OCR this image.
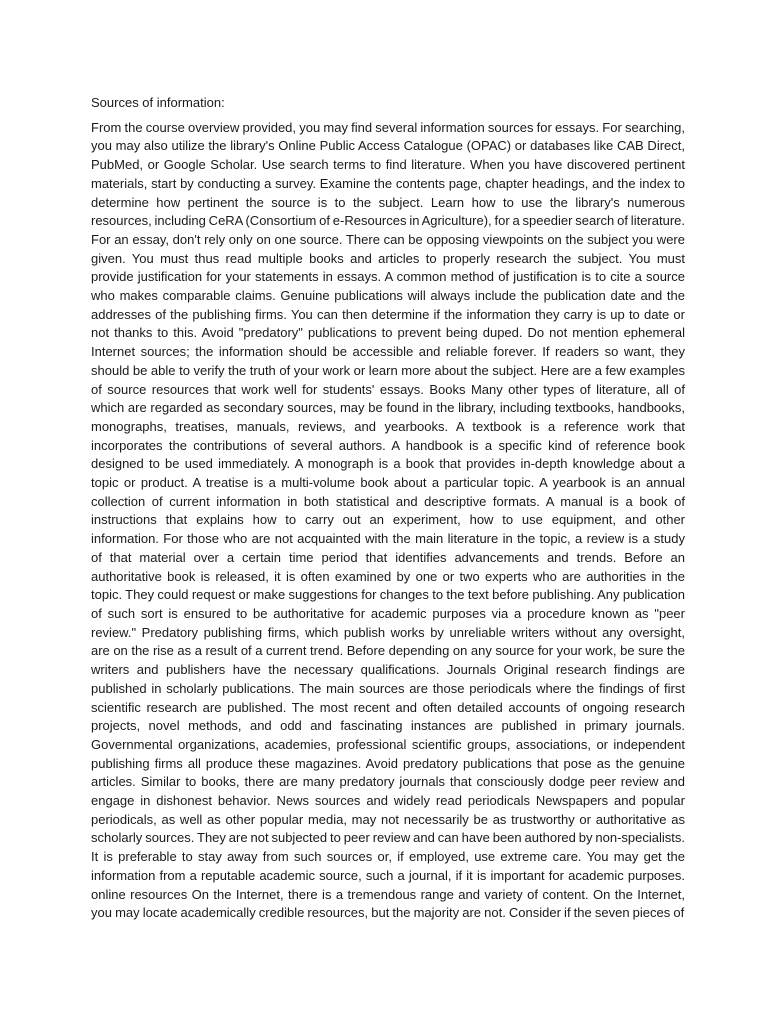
Sources of information:

From the course overview provided, you may find several information sources for essays. For searching,
you may also utilize the library's Online Public Access Catalogue (OPAC) or databases like CAB Direct,
PubMed, or Google Scholar. Use search terms to find literature. When you have discovered pertinent
materials, start by conducting a survey. Examine the contents page, chapter headings, and the index to
determine how pertinent the source is to the subject. Learn how to use the library's numerous
resources, including CeRA (Consortium of e-Resources in Agriculture), for a speedier search of literature.
For an essay, don't rely only on one source. There can be opposing viewpoints on the subject you were
given. You must thus read multiple books and articles to properly research the subject. You must
provide justification for your statements in essays. A common method of justification is to cite a source
who makes comparable claims. Genuine publications will always include the publication date and the
addresses of the publishing firms. You can then determine if the information they carry is up to date or
not thanks to this. Avoid "predatory" publications to prevent being duped. Do not mention ephemeral
Internet sources; the information should be accessible and reliable forever. If readers so want, they
should be able to verify the truth of your work or learn more about the subject. Here are a few examples
of source resources that work well for students' essays. Books Many other types of literature, all of
which are regarded as secondary sources, may be found in the library, including textbooks, handbooks,
monographs, treatises, manuals, reviews, and yearbooks. A textbook is a reference work that
incorporates the contributions of several authors. A handbook is a specific kind of reference book
designed to be used immediately. A monograph is a book that provides in-depth knowledge about a
topic or product. A treatise is a multi-volume book about a particular topic. A yearbook is an annual
collection of current information in both statistical and descriptive formats. A manual is a book of
instructions that explains how to carry out an experiment, how to use equipment, and other
information. For those who are not acquainted with the main literature in the topic, a review is a study
of that material over a certain time period that identifies advancements and trends. Before an
authoritative book is released, it is often examined by one or two experts who are authorities in the
topic. They could request or make suggestions for changes to the text before publishing. Any publication
of such sort is ensured to be authoritative for academic purposes via a procedure known as "peer
review." Predatory publishing firms, which publish works by unreliable writers without any oversight,
are on the rise as a result of a current trend. Before depending on any source for your work, be sure the
writers and publishers have the necessary qualifications. Journals Original research findings are
published in scholarly publications. The main sources are those periodicals where the findings of first
scientific research are published. The most recent and often detailed accounts of ongoing research
projects, novel methods, and odd and fascinating instances are published in primary journals.
Governmental organizations, academies, professional scientific groups, associations, or independent
publishing firms all produce these magazines. Avoid predatory publications that pose as the genuine
articles. Similar to books, there are many predatory journals that consciously dodge peer review and
engage in dishonest behavior. News sources and widely read periodicals Newspapers and popular
periodicals, as well as other popular media, may not necessarily be as trustworthy or authoritative as
scholarly sources. They are not subjected to peer review and can have been authored by non-specialists.
It is preferable to stay away from such sources or, if employed, use extreme care. You may get the
information from a reputable academic source, such a journal, if it is important for academic purposes.
online resources On the Internet, there is a tremendous range and variety of content. On the Internet,
you may locate academically credible resources, but the majority are not. Consider if the seven pieces of
